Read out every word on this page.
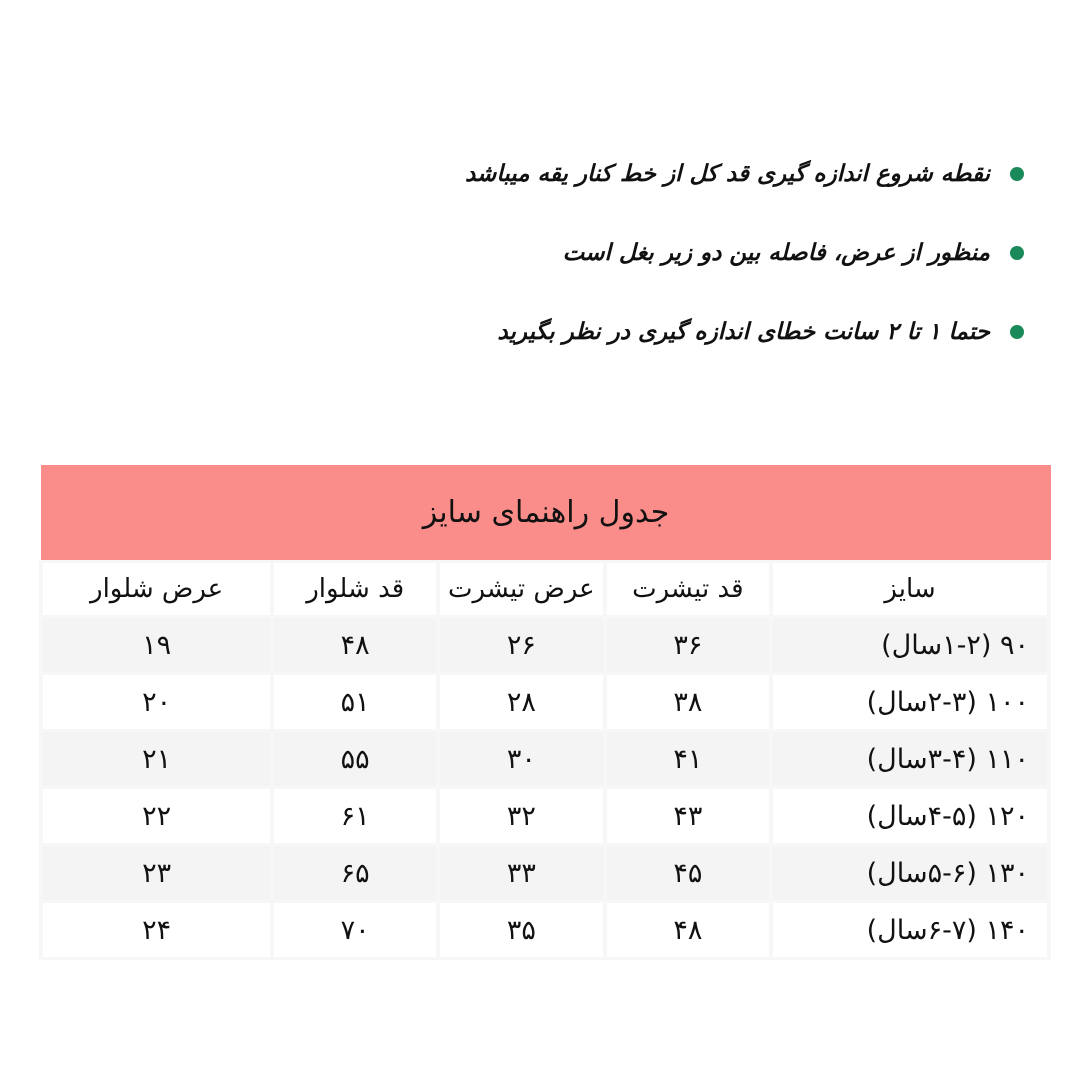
نقطه شروع اندازه گیری قد کل از خط کنار یقه میباشد
منظور از عرض، فاصله بین دو زیر بغل است
حتما ۱ تا ۲ سانت خطای اندازه گیری در نظر بگیرید
جدول راهنمای سایز
سایز	قد تیشرت	عرض تیشرت	قد شلوار	عرض شلوار
۹۰ (۱-۲سال)	۳۶	۲۶	۴۸	۱۹
۱۰۰ (۲-۳سال)	۳۸	۲۸	۵۱	۲۰
۱۱۰ (۳-۴سال)	۴۱	۳۰	۵۵	۲۱
۱۲۰ (۴-۵سال)	۴۳	۳۲	۶۱	۲۲
۱۳۰ (۵-۶سال)	۴۵	۳۳	۶۵	۲۳
۱۴۰ (۶-۷سال)	۴۸	۳۵	۷۰	۲۴
